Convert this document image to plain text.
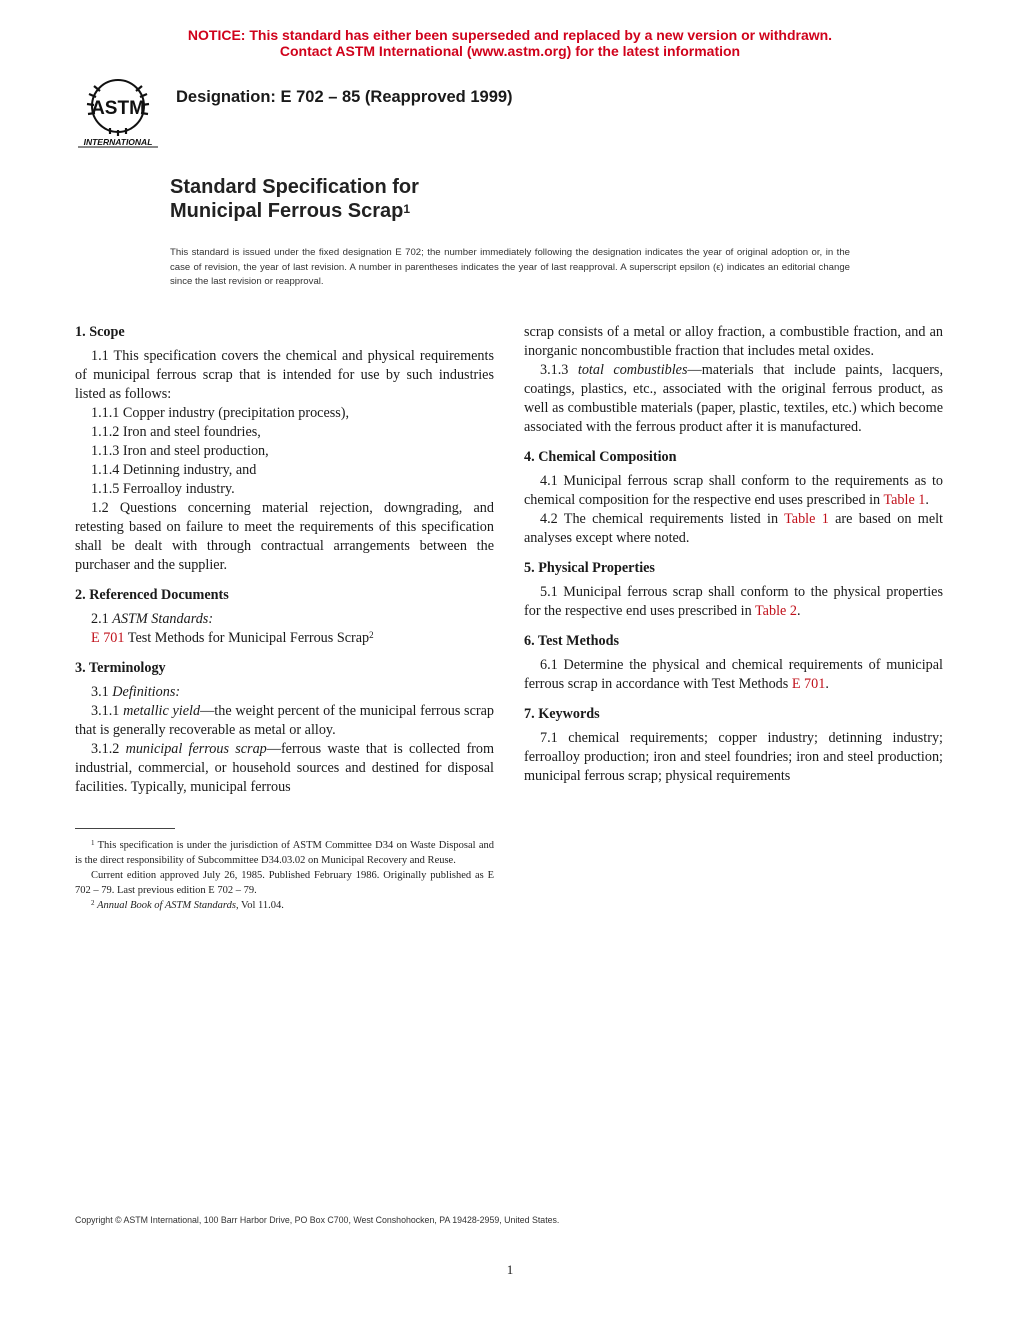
NOTICE: This standard has either been superseded and replaced by a new version or withdrawn.
Contact ASTM International (www.astm.org) for the latest information
ASTM
INTERNATIONAL
Designation: E 702 – 85 (Reapproved 1999)
Standard Specification for
Municipal Ferrous Scrap$^1$
This standard is issued under the fixed designation E 702; the number immediately following the designation indicates the year of original adoption or, in the case of revision, the year of last revision. A number in parentheses indicates the year of last reapproval. A superscript epsilon (ϵ) indicates an editorial change since the last revision or reapproval.

1. Scope

1.1 This specification covers the chemical and physical requirements of municipal ferrous scrap that is intended for use by such industries listed as follows:

1.1.1 Copper industry (precipitation process),

1.1.2 Iron and steel foundries,

1.1.3 Iron and steel production,

1.1.4 Detinning industry, and

1.1.5 Ferroalloy industry.

1.2 Questions concerning material rejection, downgrading, and retesting based on failure to meet the requirements of this specification shall be dealt with through contractual arrangements between the purchaser and the supplier.

2. Referenced Documents

2.1 ASTM Standards:

E 701 Test Methods for Municipal Ferrous Scrap$^2$

3. Terminology

3.1 Definitions:

3.1.1 metallic yield—the weight percent of the municipal ferrous scrap that is generally recoverable as metal or alloy.

3.1.2 municipal ferrous scrap—ferrous waste that is collected from industrial, commercial, or household sources and destined for disposal facilities. Typically, municipal ferrous

scrap consists of a metal or alloy fraction, a combustible fraction, and an inorganic noncombustible fraction that includes metal oxides.

3.1.3 total combustibles—materials that include paints, lacquers, coatings, plastics, etc., associated with the original ferrous product, as well as combustible materials (paper, plastic, textiles, etc.) which become associated with the ferrous product after it is manufactured.

4. Chemical Composition

4.1 Municipal ferrous scrap shall conform to the requirements as to chemical composition for the respective end uses prescribed in Table 1.

4.2 The chemical requirements listed in Table 1 are based on melt analyses except where noted.

5. Physical Properties

5.1 Municipal ferrous scrap shall conform to the physical properties for the respective end uses prescribed in Table 2.

6. Test Methods

6.1 Determine the physical and chemical requirements of municipal ferrous scrap in accordance with Test Methods E 701.

7. Keywords

7.1 chemical requirements; copper industry; detinning industry; ferroalloy production; iron and steel foundries; iron and steel production; municipal ferrous scrap; physical requirements

$^1$ This specification is under the jurisdiction of ASTM Committee D34 on Waste Disposal and is the direct responsibility of Subcommittee D34.03.02 on Municipal Recovery and Reuse.

Current edition approved July 26, 1985. Published February 1986. Originally published as E 702 – 79. Last previous edition E 702 – 79.

$^2$ Annual Book of ASTM Standards, Vol 11.04.

Copyright © ASTM International, 100 Barr Harbor Drive, PO Box C700, West Conshohocken, PA 19428-2959, United States.
1
